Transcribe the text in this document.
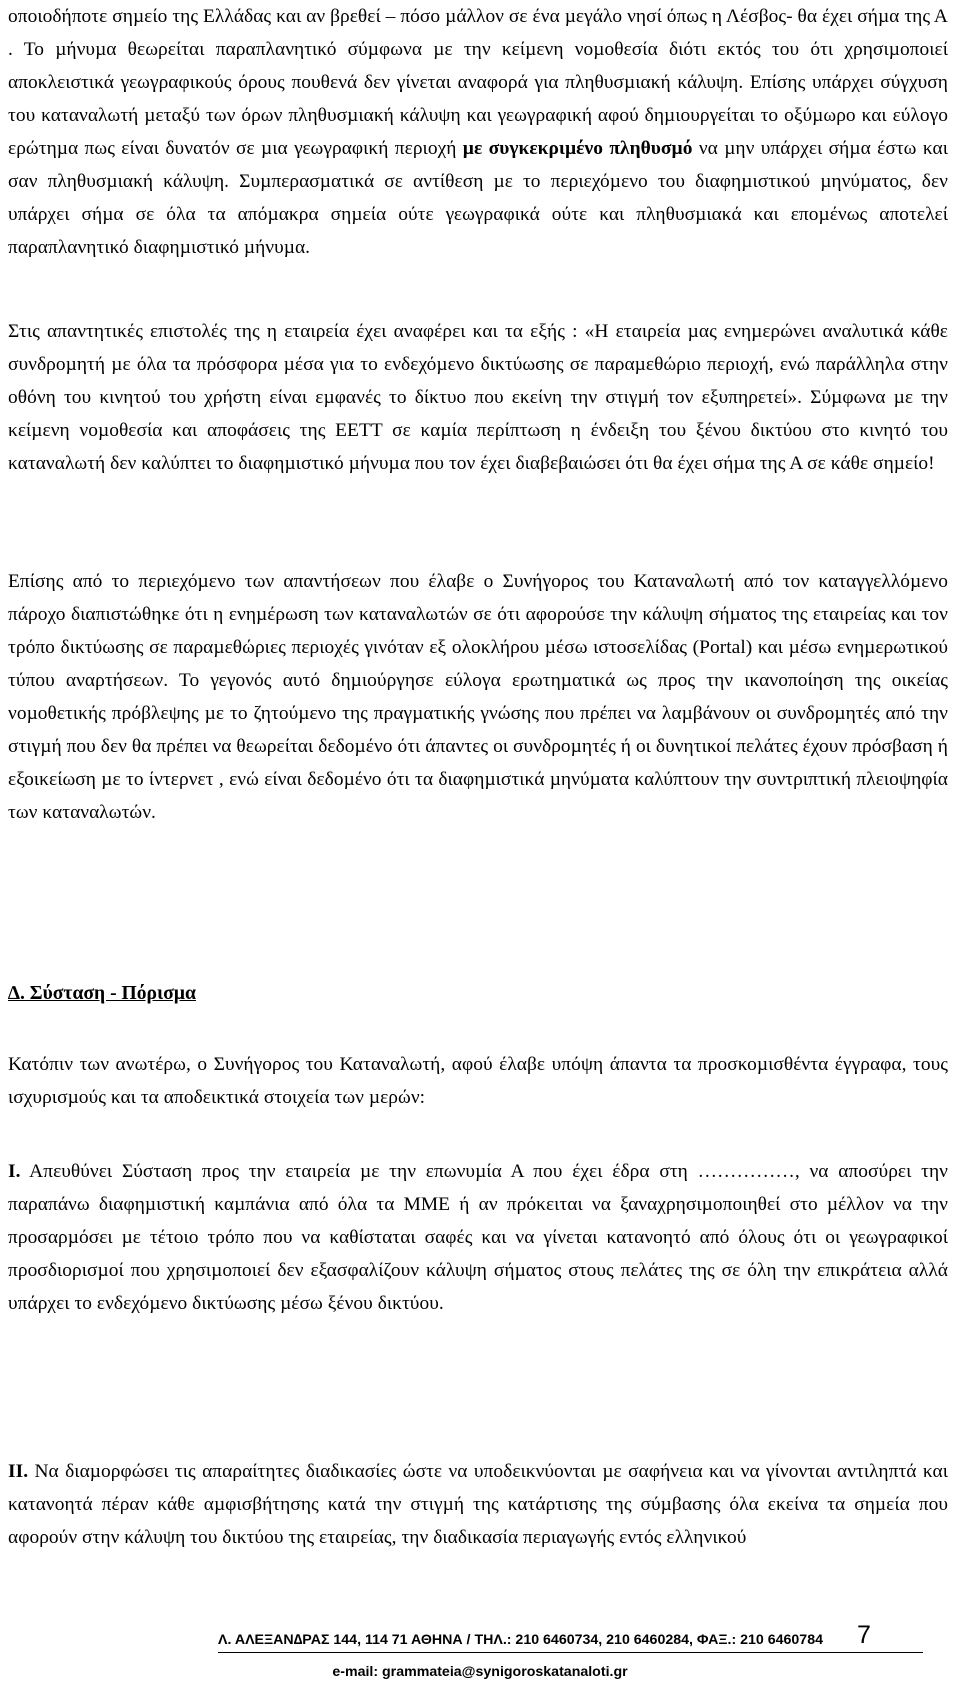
οποιοδήποτε σηµείο της Ελλάδας και αν βρεθεί – πόσο µάλλον σε ένα µεγάλο νησί όπως η Λέσβος- θα έχει σήµα της Α . Το µήνυµα θεωρείται παραπλανητικό σύµφωνα µε την κείµενη νοµοθεσία διότι εκτός του ότι χρησιµοποιεί αποκλειστικά γεωγραφικούς όρους πουθενά δεν γίνεται αναφορά για πληθυσµιακή κάλυψη. Επίσης υπάρχει σύγχυση του καταναλωτή µεταξύ των όρων πληθυσµιακή κάλυψη και γεωγραφική αφού δηµιουργείται το οξύµωρο και εύλογο ερώτηµα πως είναι δυνατόν σε µια γεωγραφική περιοχή µε συγκεκριµένο πληθυσµό να µην υπάρχει σήµα έστω και σαν πληθυσµιακή κάλυψη. Συµπερασµατικά σε αντίθεση µε το περιεχόµενο του διαφηµιστικού µηνύµατος, δεν υπάρχει σήµα σε όλα τα απόµακρα σηµεία ούτε γεωγραφικά ούτε και πληθυσµιακά και εποµένως αποτελεί παραπλανητικό διαφηµιστικό µήνυµα.

Στις απαντητικές επιστολές της η εταιρεία έχει αναφέρει και τα εξής : «Η εταιρεία µας ενηµερώνει αναλυτικά κάθε συνδροµητή µε όλα τα πρόσφορα µέσα για το ενδεχόµενο δικτύωσης σε παραµεθώριο περιοχή, ενώ παράλληλα στην οθόνη του κινητού του χρήστη είναι εµφανές το δίκτυο που εκείνη την στιγµή τον εξυπηρετεί». Σύµφωνα µε την κείµενη νοµοθεσία και αποφάσεις της ΕΕΤΤ σε καµία περίπτωση η ένδειξη του ξένου δικτύου στο κινητό του καταναλωτή δεν καλύπτει το διαφηµιστικό µήνυµα που τον έχει διαβεβαιώσει ότι θα έχει σήµα της Α σε κάθε σηµείο!

Επίσης από το περιεχόµενο των απαντήσεων που έλαβε ο Συνήγορος του Καταναλωτή από τον καταγγελλόµενο πάροχο διαπιστώθηκε ότι η ενηµέρωση των καταναλωτών σε ότι αφορούσε την κάλυψη σήµατος της εταιρείας και τον τρόπο δικτύωσης σε παραµεθώριες περιοχές γινόταν εξ ολοκλήρου µέσω ιστοσελίδας (Portal) και µέσω ενηµερωτικού τύπου αναρτήσεων. Το γεγονός αυτό δηµιούργησε εύλογα ερωτηµατικά ως προς την ικανοποίηση της οικείας νοµοθετικής πρόβλεψης µε το ζητούµενο της πραγµατικής γνώσης που πρέπει να λαµβάνουν οι συνδροµητές από την στιγµή που δεν θα πρέπει να θεωρείται δεδοµένο ότι άπαντες οι συνδροµητές ή οι δυνητικοί πελάτες έχουν πρόσβαση ή εξοικείωση µε το ίντερνετ , ενώ είναι δεδοµένο ότι τα διαφηµιστικά µηνύµατα καλύπτουν την συντριπτική πλειοψηφία των καταναλωτών.

∆. Σύσταση - Πόρισµα

Κατόπιν των ανωτέρω, ο Συνήγορος του Καταναλωτή, αφού έλαβε υπόψη άπαντα τα προσκοµισθέντα έγγραφα, τους ισχυρισµούς και τα αποδεικτικά στοιχεία των µερών:

Ι. Απευθύνει Σύσταση προς την εταιρεία µε την επωνυµία Α που έχει έδρα στη ……………, να αποσύρει την παραπάνω διαφηµιστική καµπάνια από όλα τα ΜΜΕ ή αν πρόκειται να ξαναχρησιµοποιηθεί στο µέλλον να την προσαρµόσει µε τέτοιο τρόπο που να καθίσταται σαφές και να γίνεται κατανοητό από όλους ότι οι γεωγραφικοί προσδιορισµοί που χρησιµοποιεί δεν εξασφαλίζουν κάλυψη σήµατος στους πελάτες της σε όλη την επικράτεια αλλά υπάρχει το ενδεχόµενο δικτύωσης µέσω ξένου δικτύου.

ΙΙ. Να διαµορφώσει τις απαραίτητες διαδικασίες ώστε να υποδεικνύονται µε σαφήνεια και να γίνονται αντιληπτά και κατανοητά πέραν κάθε αµφισβήτησης κατά την στιγµή της κατάρτισης της σύµβασης όλα εκείνα τα σηµεία που αφορούν στην κάλυψη του δικτύου της εταιρείας, την διαδικασία περιαγωγής εντός ελληνικού

Λ. ΑΛΕΞΑΝ∆ΡΑΣ 144, 114 71 ΑΘΗΝΑ / ΤΗΛ.: 210 6460734, 210 6460284, ΦΑΞ.: 210 6460784 7
e-mail: grammateia@synigoroskatanaloti.gr
